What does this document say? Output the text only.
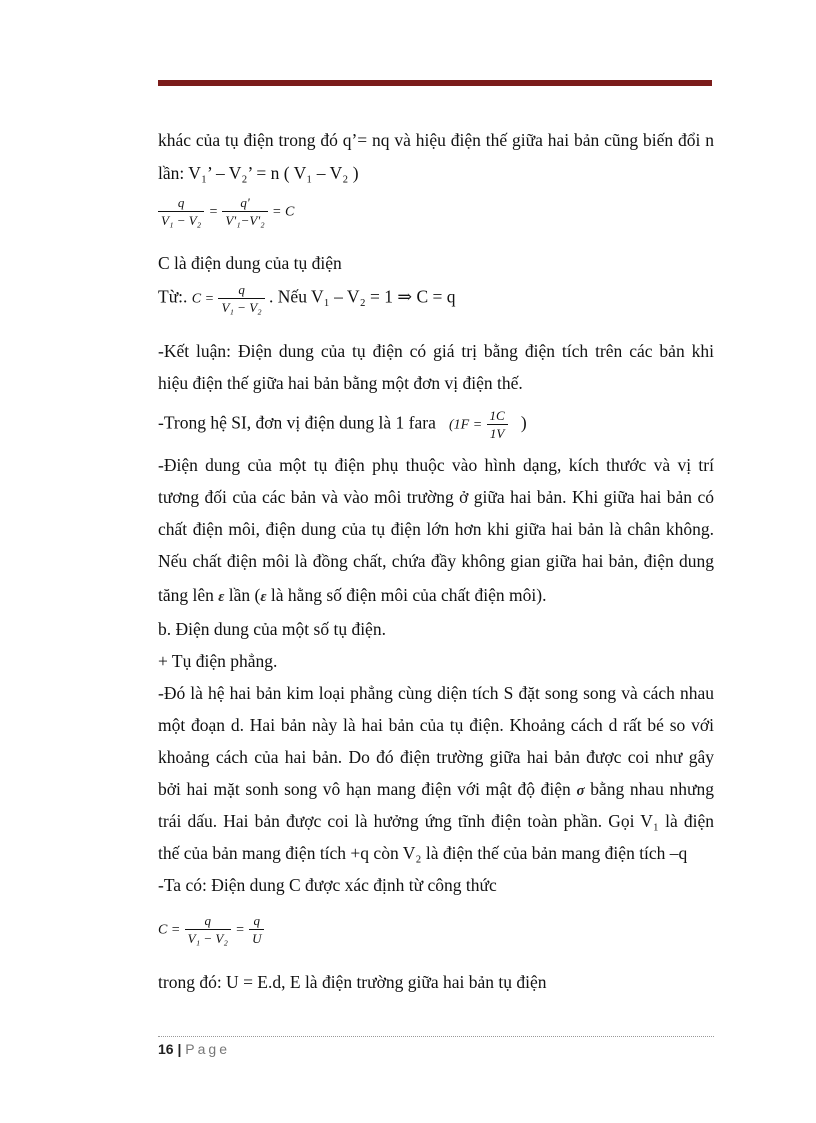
khác của tụ điện trong đó q’= nq và hiệu điện thế giữa hai bản cũng biến đổi n
lần: V₁’ – V₂’ = n ( V₁ – V₂ )
$\frac{q}{\text{V₁ − V₂}} = \frac{q'}{\text{V'₁−V'₂}} = C$
C là điện dung của tụ điện
Từ:. $C = \frac{q}{\text{V₁ − V₂}}$ . Nếu V₁ – V₂ = 1 ⇒ C = q
-Kết luận: Điện dung của tụ điện có giá trị bằng điện tích trên các bản khi
hiệu điện thế giữa hai bản bằng một đơn vị điện thế.
-Trong hệ SI, đơn vị điện dung là 1 fara ($1F = \frac{1C}{1V}$ )
-Điện dung của một tụ điện phụ thuộc vào hình dạng, kích thước và vị trí
tương đối của các bản và vào môi trường ở giữa hai bản. Khi giữa hai bản có
chất điện môi, điện dung của tụ điện lớn hơn khi giữa hai bản là chân không.
Nếu chất điện môi là đồng chất, chứa đầy không gian giữa hai bản, điện dung
tăng lên ε lần (ε là hằng số điện môi của chất điện môi).
b. Điện dung của một số tụ điện.
+ Tụ điện phẳng.
-Đó là hệ hai bản kim loại phẳng cùng diện tích S đặt song song và cách nhau
một đoạn d. Hai bản này là hai bản của tụ điện. Khoảng cách d rất bé so với
khoảng cách của hai bản. Do đó điện trường giữa hai bản được coi như gây
bởi hai mặt sonh song vô hạn mang điện với mật độ điện σ bằng nhau nhưng
trái dấu. Hai bản được coi là hưởng ứng tĩnh điện toàn phần. Gọi V₁ là điện
thế của bản mang điện tích +q còn V₂ là điện thế của bản mang điện tích –q
-Ta có: Điện dung C được xác định từ công thức
$C = \frac{q}{\text{V₁ − V₂}} = \frac{q}{U}$
trong đó: U = E.d, E là điện trường giữa hai bản tụ điện
16 | Page
